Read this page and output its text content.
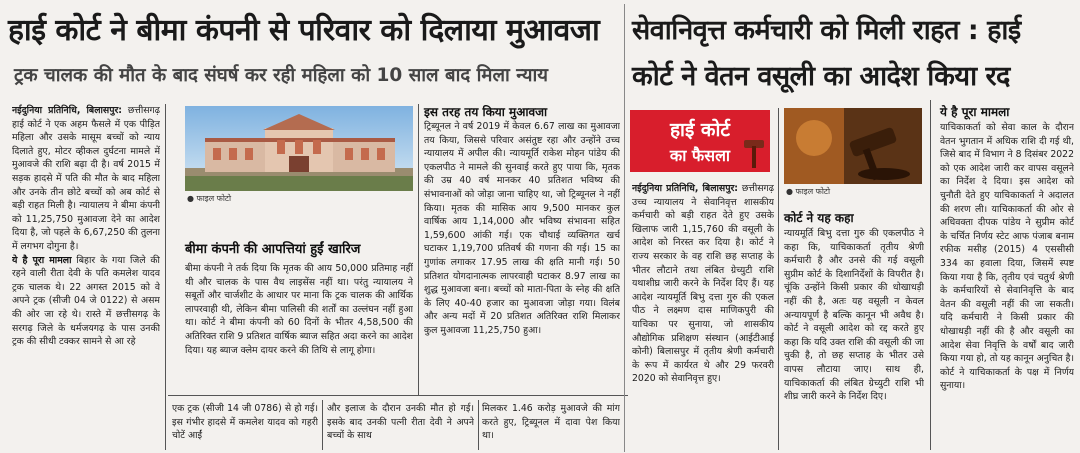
हाई कोर्ट ने बीमा कंपनी से परिवार को दिलाया मुआवजा
ट्रक चालक की मौत के बाद संघर्ष कर रही महिला को 10 साल बाद मिला न्याय

नईदुनिया प्रतिनिधि, बिलासपुर: छत्तीसगढ़ हाई कोर्ट ने एक अहम फैसले में एक पीड़ित महिला और उसके मासूम बच्चों को न्याय दिलाते हुए, मोटर व्हीकल दुर्घटना मामले में मुआवजे की राशि बढ़ा दी है। वर्ष 2015 में सड़क हादसे में पति की मौत के बाद महिला और उनके तीन छोटे बच्चों को अब कोर्ट से बड़ी राहत मिली है। न्यायालय ने बीमा कंपनी को 11,25,750 मुआवजा देने का आदेश दिया है, जो पहले के 6,67,250 की तुलना में लगभग दोगुना है।

ये है पूरा मामला बिहार के गया जिले की रहने वाली रीता देवी के पति कमलेश यादव ट्रक चालक थे। 22 अगस्त 2015 को वे अपने ट्रक (सीजी 04 जे 0122) से असम की ओर जा रहे थे। रास्ते में छत्तीसगढ़ के सरगढ़ जिले के धर्मजयगढ़ के पास उनकी ट्रक की सीधी टक्कर सामने से आ रहे

● फाइल फोटो
बीमा कंपनी की आपत्तियां हुईं खारिज
बीमा कंपनी ने तर्क दिया कि मृतक की आय 50,000 प्रतिमाह नहीं थी और चालक के पास वैध लाइसेंस नहीं था। परंतु न्यायालय ने सबूतों और चार्जशीट के आधार पर माना कि ट्रक चालक की आर्थिक लापरवाही थी, लेकिन बीमा पालिसी की शर्तों का उल्लंघन नहीं हुआ था। कोर्ट ने बीमा कंपनी को 60 दिनों के भीतर 4,58,500 की अतिरिक्त राशि 9 प्रतिशत वार्षिक ब्याज सहित अदा करने का आदेश दिया। यह ब्याज क्लेम दायर करने की तिथि से लागू होगा।
एक ट्रक (सीजी 14 जी 0786) से हो गई। इस गंभीर हादसे में कमलेश यादव को गहरी चोटें आईं
और इलाज के दौरान उनकी मौत हो गई। इसके बाद उनकी पत्नी रीता देवी ने अपने बच्चों के साथ
इस तरह तय किया मुआवजा
ट्रिब्यूनल ने वर्ष 2019 में केवल 6.67 लाख का मुआवजा तय किया, जिससे परिवार असंतुष्ट रहा और उन्होंने उच्च न्यायालय में अपील की। न्यायमूर्ति राकेश मोहन पांडेय की एकलपीठ ने मामले की सुनवाई करते हुए पाया कि, मृतक की उम्र 40 वर्ष मानकर 40 प्रतिशत भविष्य की संभावनाओं को जोड़ा जाना चाहिए था, जो ट्रिब्यूनल ने नहीं किया। मृतक की मासिक आय 9,500 मानकर कुल वार्षिक आय 1,14,000 और भविष्य संभावना सहित 1,59,600 आंकी गई। एक चौथाई व्यक्तिगत खर्च घटाकर 1,19,700 प्रतिवर्ष की गणना की गई। 15 का गुणांक लगाकर 17.95 लाख की क्षति मानी गई। 50 प्रतिशत योगदानात्मक लापरवाही घटाकर 8.97 लाख का शुद्ध मुआवजा बना। बच्चों को माता-पिता के स्नेह की क्षति के लिए 40-40 हजार का मुआवजा जोड़ा गया। विलंब और अन्य मदों में 20 प्रतिशत अतिरिक्त राशि मिलाकर कुल मुआवजा 11,25,750 हुआ।
मिलकर 1.46 करोड़ मुआवजे की मांग करते हुए, ट्रिब्यूनल में दावा पेश किया था।
सेवानिवृत्त कर्मचारी को मिली राहत : हाई
कोर्ट ने वेतन वसूली का आदेश किया रद
हाई कोर्ट
का फैसला

नईदुनिया प्रतिनिधि, बिलासपुर: छत्तीसगढ़ उच्च न्यायालय ने सेवानिवृत्त शासकीय कर्मचारी को बड़ी राहत देते हुए उसके खिलाफ जारी 1,15,760 की वसूली के आदेश को निरस्त कर दिया है। कोर्ट ने राज्य सरकार के वह राशि छह सप्ताह के भीतर लौटाने तथा लंबित ग्रेच्युटी राशि यथाशीघ्र जारी करने के निर्देश दिए हैं। यह आदेश न्यायमूर्ति बिभु दत्ता गुरु की एकल पीठ ने लक्ष्मण दास माणिकपुरी की याचिका पर सुनाया, जो शासकीय औद्योगिक प्रशिक्षण संस्थान (आईटीआई कोनी) बिलासपुर में तृतीय श्रेणी कर्मचारी के रूप में कार्यरत थे और 29 फरवरी 2020 को सेवानिवृत्त हुए।

● फाइल फोटो
कोर्ट ने यह कहा
न्यायमूर्ति बिभु दत्ता गुरु की एकलपीठ ने कहा कि, याचिकाकर्ता तृतीय श्रेणी कर्मचारी है और उनसे की गई वसूली सुप्रीम कोर्ट के दिशानिर्देशों के विपरीत है। चूंकि उन्होंने किसी प्रकार की धोखाधड़ी नहीं की है, अतः यह वसूली न केवल अन्यायपूर्ण है बल्कि कानून भी अवैध है। कोर्ट ने वसूली आदेश को रद्द करते हुए कहा कि यदि उक्त राशि की वसूली की जा चुकी है, तो छह सप्ताह के भीतर उसे वापस लौटाया जाए। साथ ही, याचिकाकर्ता की लंबित ग्रेच्युटी राशि भी शीघ्र जारी करने के निर्देश दिए।
ये है पूरा मामला
याचिकाकर्ता को सेवा काल के दौरान वेतन भुगतान में अधिक राशि दी गई थी, जिसे बाद में विभाग ने 8 दिसंबर 2022 को एक आदेश जारी कर वापस वसूलने का निर्देश दे दिया। इस आदेश को चुनौती देते हुए याचिकाकर्ता ने अदालत की शरण ली। याचिकाकर्ता की ओर से अधिवक्ता दीपक पांडेय ने सुप्रीम कोर्ट के चर्चित निर्णय स्टेट आफ पंजाब बनाम रफीक मसीह (2015) 4 एससीसी 334 का हवाला दिया, जिसमें स्पष्ट किया गया है कि, तृतीय एवं चतुर्थ श्रेणी के कर्मचारियों से सेवानिवृत्ति के बाद वेतन की वसूली नहीं की जा सकती। यदि कर्मचारी ने किसी प्रकार की धोखाधड़ी नहीं की है और वसूली का आदेश सेवा निवृत्ति के वर्षों बाद जारी किया गया हो, तो यह कानून अनुचित है। कोर्ट ने याचिकाकर्ता के पक्ष में निर्णय सुनाया।
